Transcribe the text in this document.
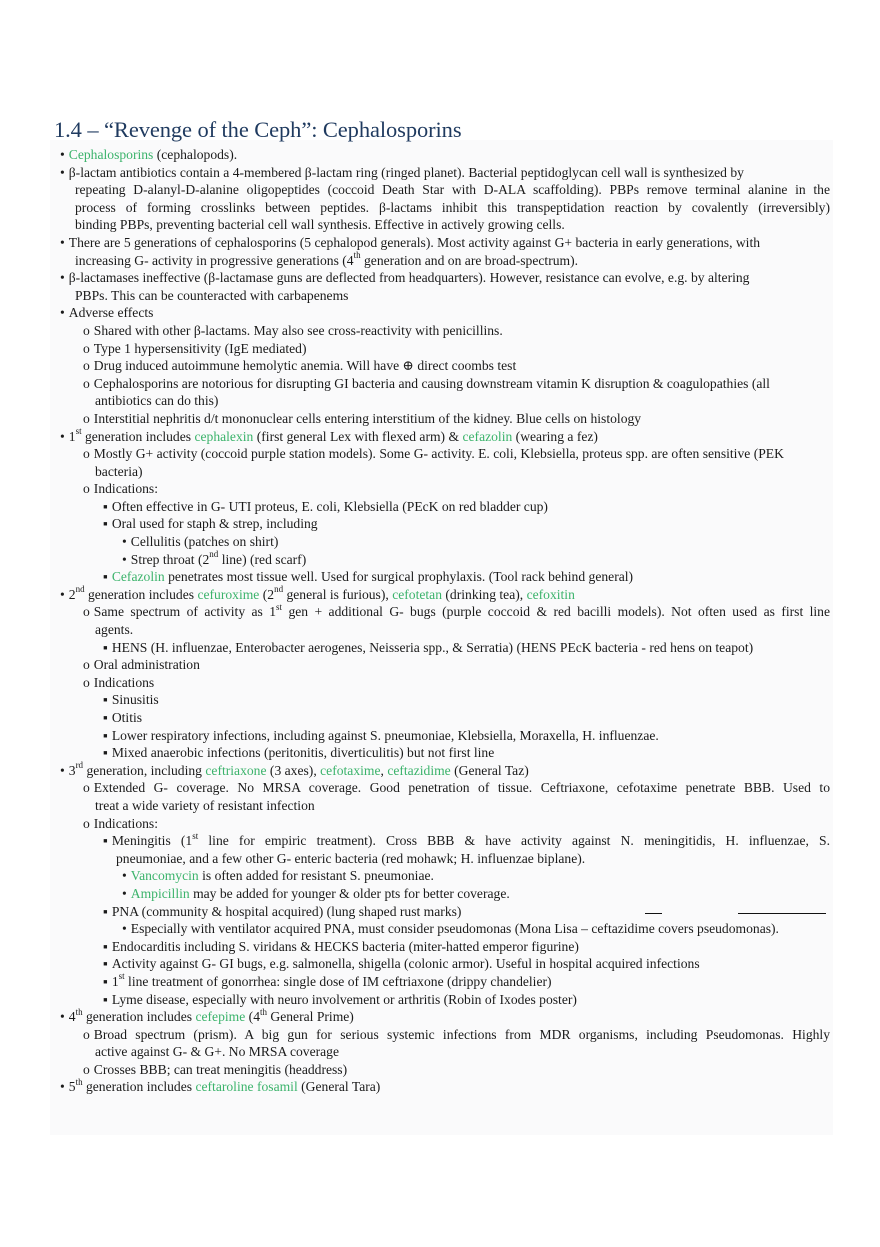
1.4 – “Revenge of the Ceph”: Cephalosporins
• Cephalosporins (cephalopods).
• β-lactam antibiotics contain a 4-membered β-lactam ring (ringed planet). Bacterial peptidoglycan cell wall is synthesized by
repeating D-alanyl-D-alanine oligopeptides (coccoid Death Star with D-ALA scaffolding). PBPs remove terminal alanine in the
process of forming crosslinks between peptides. β-lactams inhibit this transpeptidation reaction by covalently (irreversibly)
binding PBPs, preventing bacterial cell wall synthesis. Effective in actively growing cells.
• There are 5 generations of cephalosporins (5 cephalopod generals). Most activity against G+ bacteria in early generations, with
increasing G- activity in progressive generations (4th generation and on are broad-spectrum).
• β-lactamases ineffective (β-lactamase guns are deflected from headquarters). However, resistance can evolve, e.g. by altering
PBPs. This can be counteracted with carbapenems
• Adverse effects
o Shared with other β-lactams. May also see cross-reactivity with penicillins.
o Type 1 hypersensitivity (IgE mediated)
o Drug induced autoimmune hemolytic anemia. Will have ⊕ direct coombs test
o Cephalosporins are notorious for disrupting GI bacteria and causing downstream vitamin K disruption & coagulopathies (all
antibiotics can do this)
o Interstitial nephritis d/t mononuclear cells entering interstitium of the kidney. Blue cells on histology
• 1st generation includes cephalexin (first general Lex with flexed arm) & cefazolin (wearing a fez)
o Mostly G+ activity (coccoid purple station models). Some G- activity. E. coli, Klebsiella, proteus spp. are often sensitive (PEK
bacteria)
o Indications:
▪ Often effective in G- UTI proteus, E. coli, Klebsiella (PEcK on red bladder cup)
▪ Oral used for staph & strep, including
• Cellulitis (patches on shirt)
• Strep throat (2nd line) (red scarf)
▪ Cefazolin penetrates most tissue well. Used for surgical prophylaxis. (Tool rack behind general)
• 2nd generation includes cefuroxime (2nd general is furious), cefotetan (drinking tea), cefoxitin
o Same spectrum of activity as 1st gen + additional G- bugs (purple coccoid & red bacilli models). Not often used as first line
agents.
▪ HENS (H. influenzae, Enterobacter aerogenes, Neisseria spp., & Serratia) (HENS PEcK bacteria - red hens on teapot)
o Oral administration
o Indications
▪ Sinusitis
▪ Otitis
▪ Lower respiratory infections, including against S. pneumoniae, Klebsiella, Moraxella, H. influenzae.
▪ Mixed anaerobic infections (peritonitis, diverticulitis) but not first line
• 3rd generation, including ceftriaxone (3 axes), cefotaxime, ceftazidime (General Taz)
o Extended G- coverage. No MRSA coverage. Good penetration of tissue. Ceftriaxone, cefotaxime penetrate BBB. Used to
treat a wide variety of resistant infection
o Indications:
▪ Meningitis (1st line for empiric treatment). Cross BBB & have activity against N. meningitidis, H. influenzae, S.
pneumoniae, and a few other G- enteric bacteria (red mohawk; H. influenzae biplane).
• Vancomycin is often added for resistant S. pneumoniae.
• Ampicillin may be added for younger & older pts for better coverage.
▪ PNA (community & hospital acquired) (lung shaped rust marks)
• Especially with ventilator acquired PNA, must consider pseudomonas (Mona Lisa – ceftazidime covers pseudomonas).
▪ Endocarditis including S. viridans & HECKS bacteria (miter-hatted emperor figurine)
▪ Activity against G- GI bugs, e.g. salmonella, shigella (colonic armor). Useful in hospital acquired infections
▪ 1st line treatment of gonorrhea: single dose of IM ceftriaxone (drippy chandelier)
▪ Lyme disease, especially with neuro involvement or arthritis (Robin of Ixodes poster)
• 4th generation includes cefepime (4th General Prime)
o Broad spectrum (prism). A big gun for serious systemic infections from MDR organisms, including Pseudomonas. Highly
active against G- & G+. No MRSA coverage
o Crosses BBB; can treat meningitis (headdress)
• 5th generation includes ceftaroline fosamil (General Tara)
